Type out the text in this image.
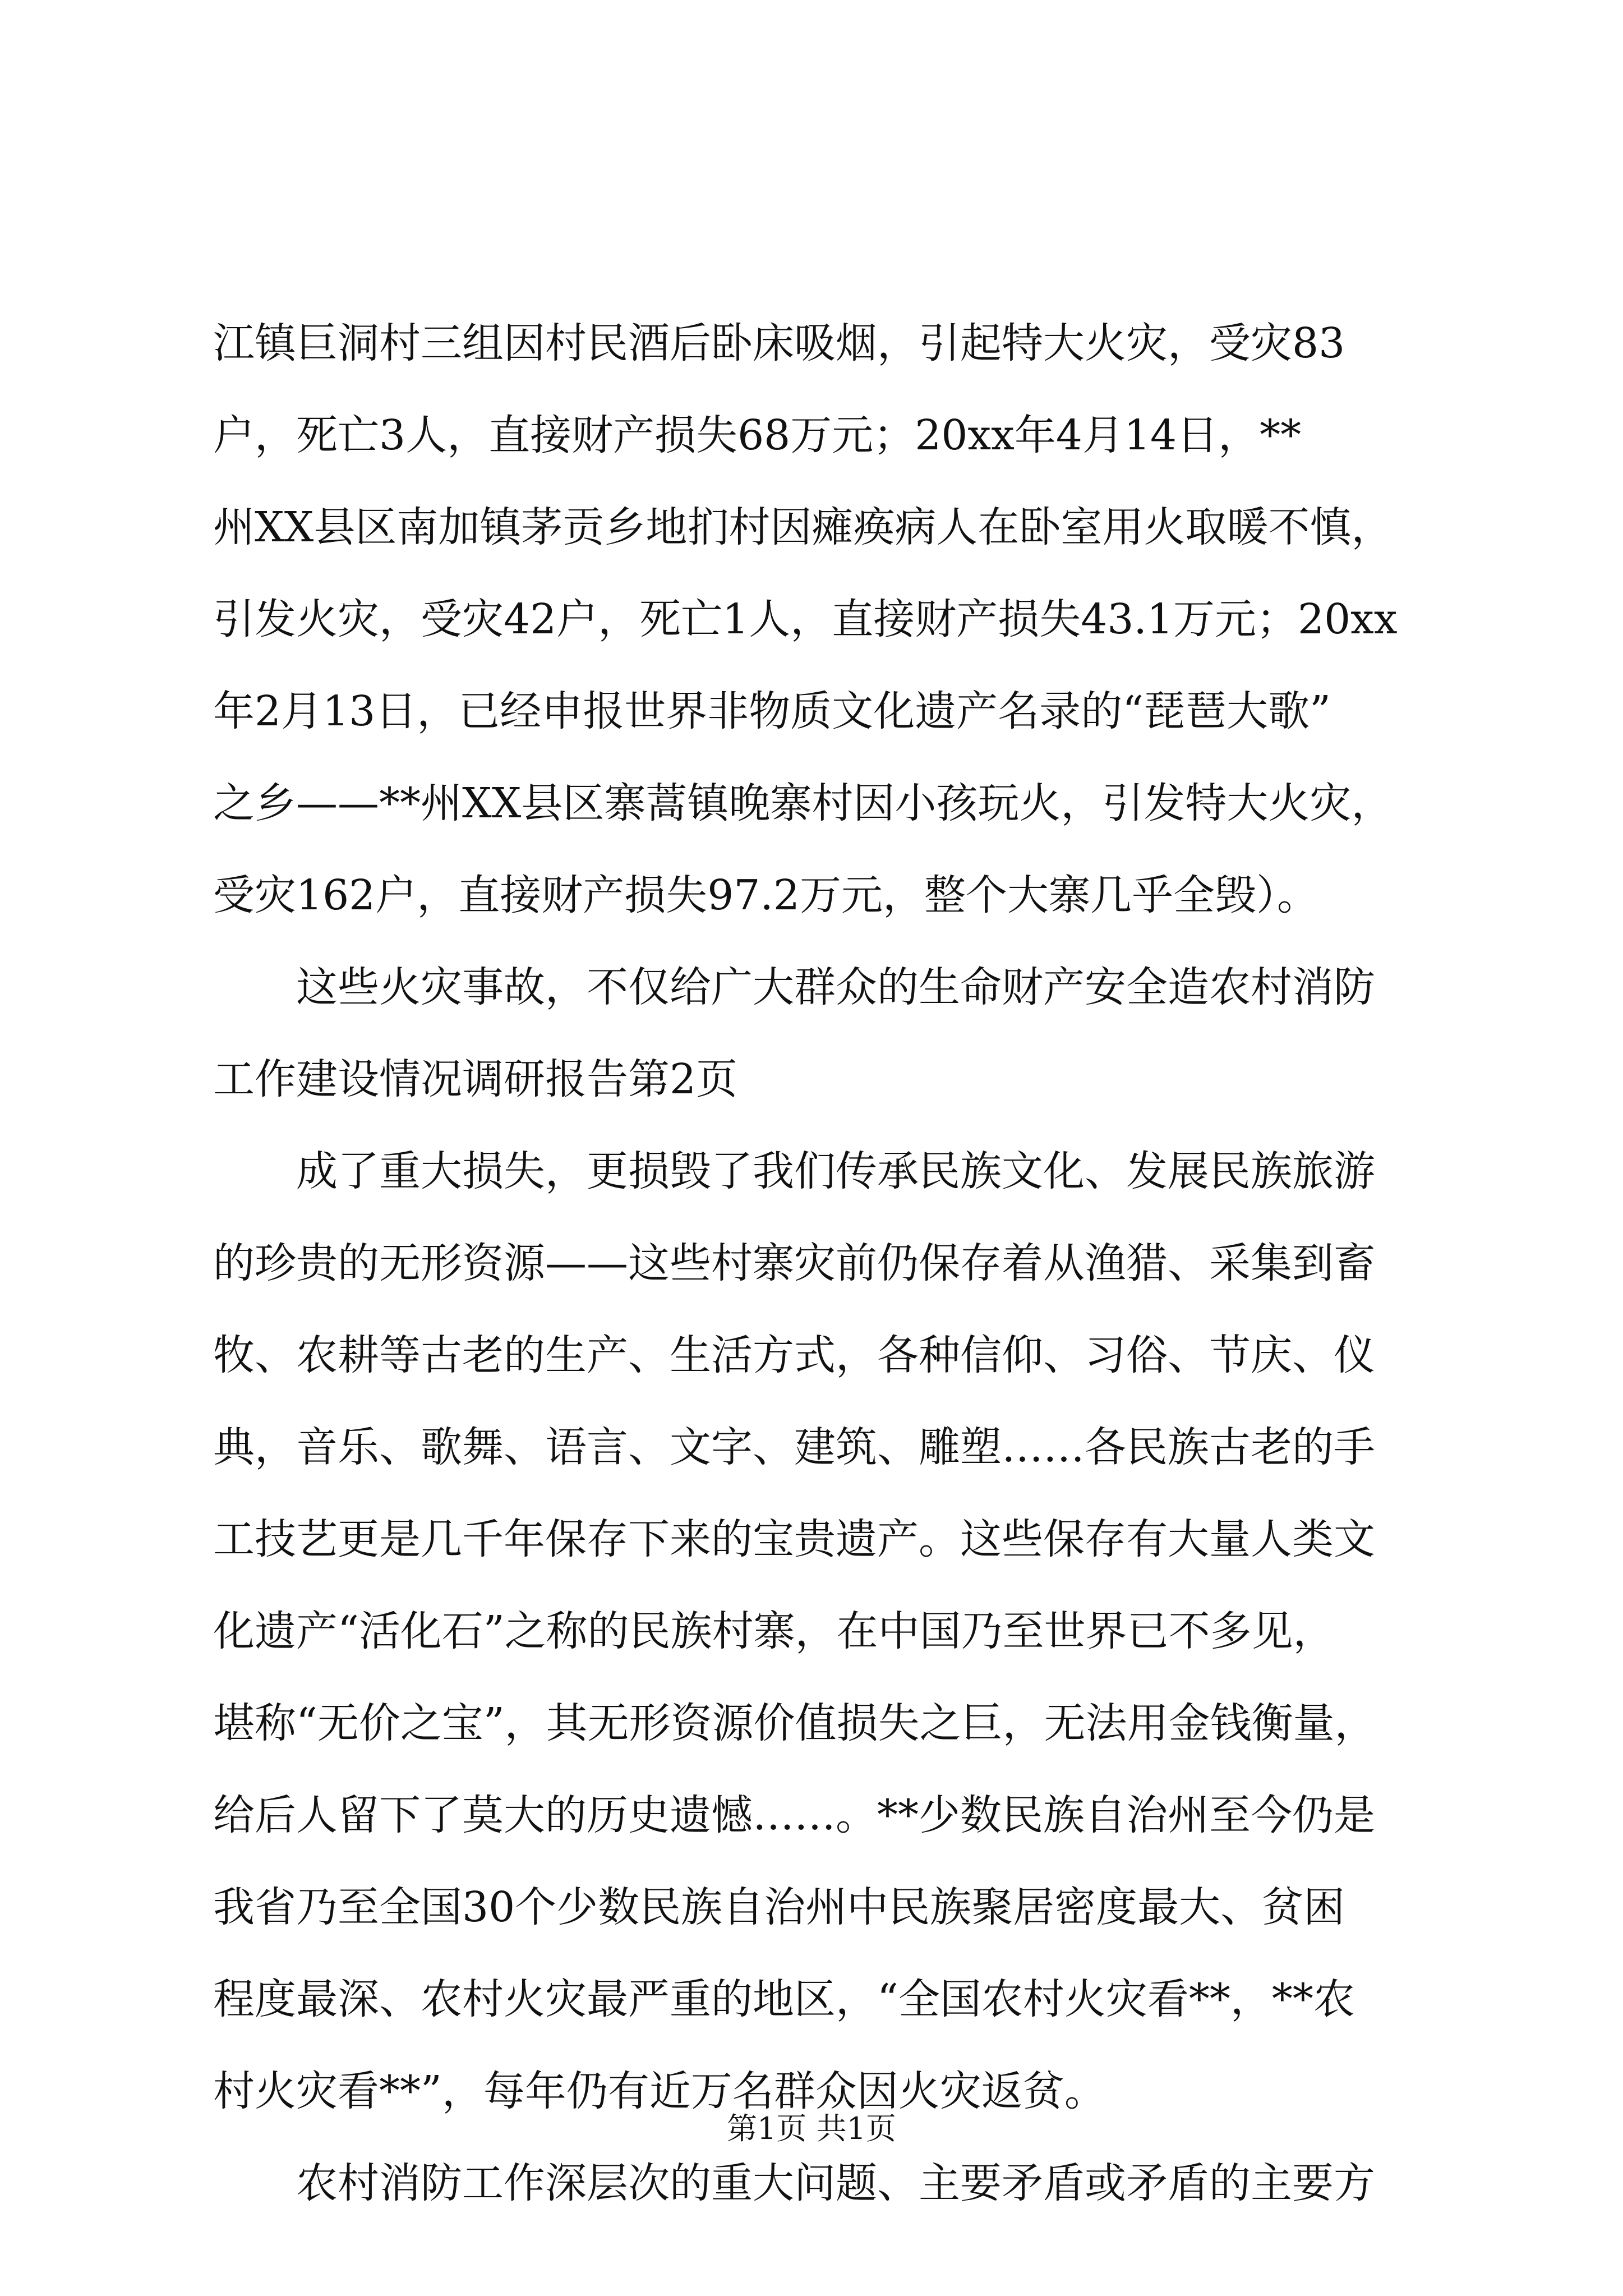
江镇巨洞村三组因村民酒后卧床吸烟，引起特大火灾，受灾83

户，死亡3人，直接财产损失68万元；20xx年4月14日，**

州XX县区南加镇茅贡乡地扪村因瘫痪病人在卧室用火取暖不慎，

引发火灾，受灾42户，死亡1人，直接财产损失43.1万元；20xx

年2月13日，已经申报世界非物质文化遗产名录的“琵琶大歌”

之乡——**州XX县区寨蒿镇晚寨村因小孩玩火，引发特大火灾，

受灾162户，直接财产损失97.2万元，整个大寨几乎全毁）。

　　这些火灾事故，不仅给广大群众的生命财产安全造农村消防

工作建设情况调研报告第2页

　　成了重大损失，更损毁了我们传承民族文化、发展民族旅游

的珍贵的无形资源——这些村寨灾前仍保存着从渔猎、采集到畜

牧、农耕等古老的生产、生活方式，各种信仰、习俗、节庆、仪

典，音乐、歌舞、语言、文字、建筑、雕塑……各民族古老的手

工技艺更是几千年保存下来的宝贵遗产。这些保存有大量人类文

化遗产“活化石”之称的民族村寨，在中国乃至世界已不多见，

堪称“无价之宝”，其无形资源价值损失之巨，无法用金钱衡量，

给后人留下了莫大的历史遗憾……。**少数民族自治州至今仍是

我省乃至全国30个少数民族自治州中民族聚居密度最大、贫困

程度最深、农村火灾最严重的地区，“全国农村火灾看**，**农

村火灾看**”，每年仍有近万名群众因火灾返贫。

　　农村消防工作深层次的重大问题、主要矛盾或矛盾的主要方

第1页 共1页
